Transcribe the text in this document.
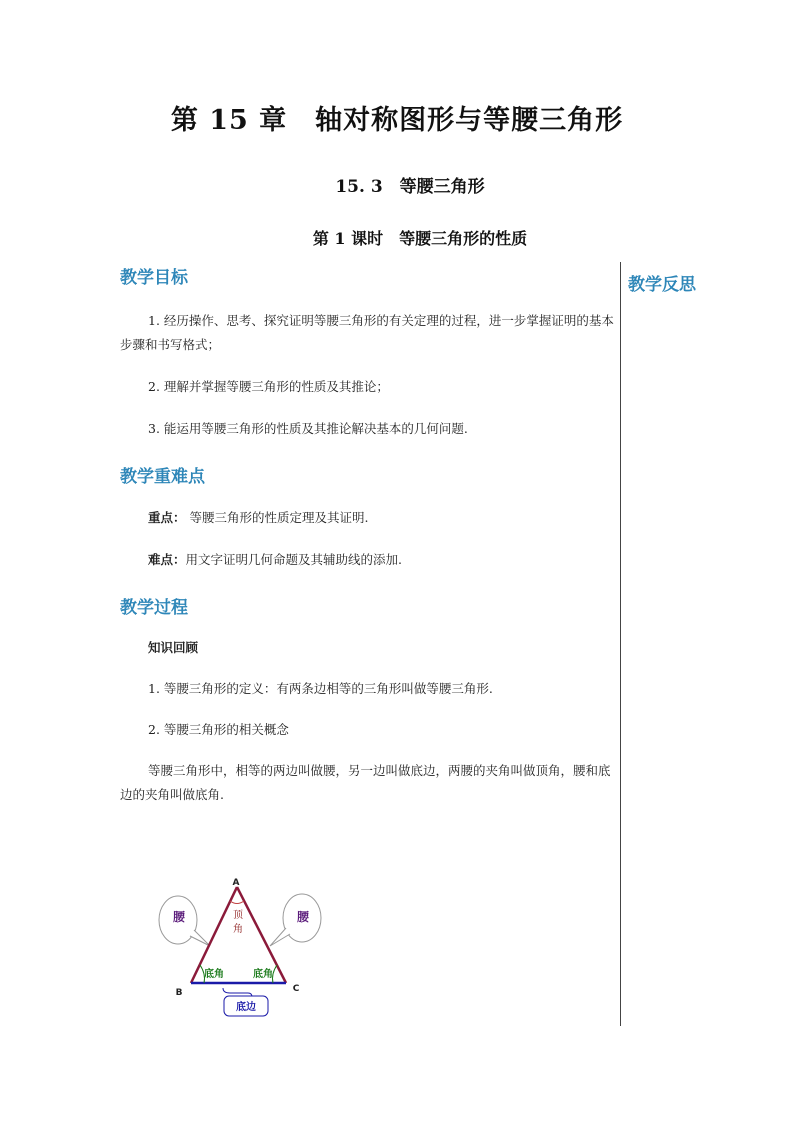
第 15 章　轴对称图形与等腰三角形
15. 3　等腰三角形
第 1 课时　等腰三角形的性质
教学反思
教学目标
1. 经历操作、思考、探究证明等腰三角形的有关定理的过程，进一步掌握证明的基本步骤和书写格式；
2. 理解并掌握等腰三角形的性质及其推论；
3. 能运用等腰三角形的性质及其推论解决基本的几何问题.
教学重难点
重点： 等腰三角形的性质定理及其证明.
难点：用文字证明几何命题及其辅助线的添加.
教学过程
知识回顾
1. 等腰三角形的定义：有两条边相等的三角形叫做等腰三角形.
2. 等腰三角形的相关概念
等腰三角形中，相等的两边叫做腰，另一边叫做底边，两腰的夹角叫做顶角，腰和底边的夹角叫做底角.
A
B	C
腰	腰
顶
角
底角	底角
底边
